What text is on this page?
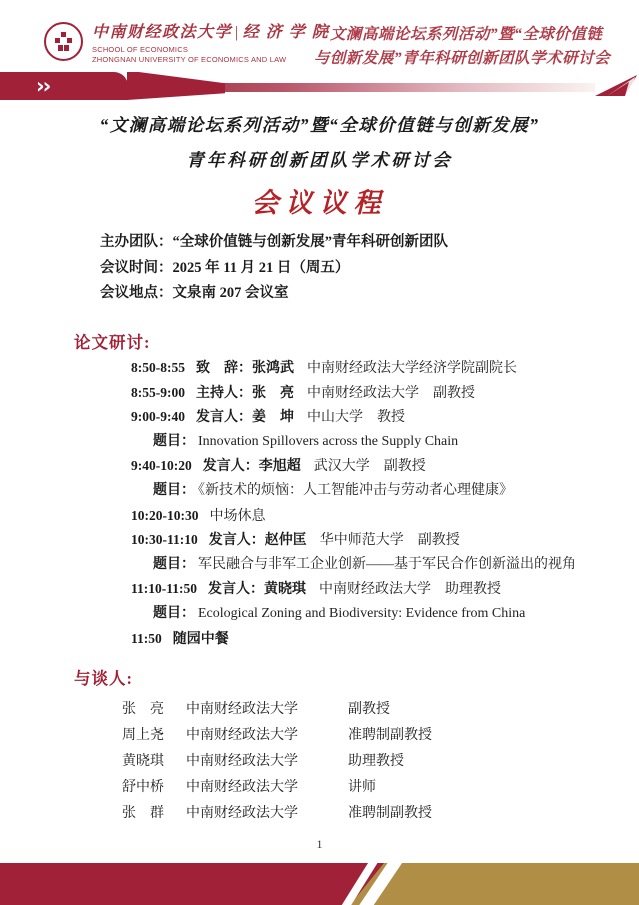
中南财经政法大学 | 经 济 学 院
SCHOOL OF ECONOMICS
ZHONGNAN UNIVERSITY OF ECONOMICS AND LAW
“文澜高端论坛系列活动”暨“全球价值链
与创新发展”青年科研创新团队学术研讨会
››
“文澜高端论坛系列活动”暨“全球价值链与创新发展”
青年科研创新团队学术研讨会
会议议程
主办团队：“全球价值链与创新发展”青年科研创新团队
会议时间：2025 年 11 月 21 日（周五）
会议地点：文泉南 207 会议室
论文研讨:
8:50-8:55 致　辞：张鸿武 中南财经政法大学经济学院副院长
8:55-9:00 主持人：张　亮 中南财经政法大学　副教授
9:00-9:40 发言人：姜　坤 中山大学　教授
题目： Innovation Spillovers across the Supply Chain
9:40-10:20 发言人：李旭超 武汉大学　副教授
题目： 《新技术的烦恼：人工智能冲击与劳动者心理健康》
10:20-10:30 中场休息
10:30-11:10 发言人：赵仲匡 华中师范大学　副教授
题目： 军民融合与非军工企业创新——基于军民合作创新溢出的视角
11:10-11:50 发言人：黄晓琪 中南财经政法大学　助理教授
题目： Ecological Zoning and Biodiversity: Evidence from China
11:50 随园中餐
与谈人:
张　亮 中南财经政法大学	副教授
周上尧 中南财经政法大学	准聘制副教授
黄晓琪 中南财经政法大学	助理教授
舒中桥 中南财经政法大学	讲师
张　群 中南财经政法大学	准聘制副教授
1
